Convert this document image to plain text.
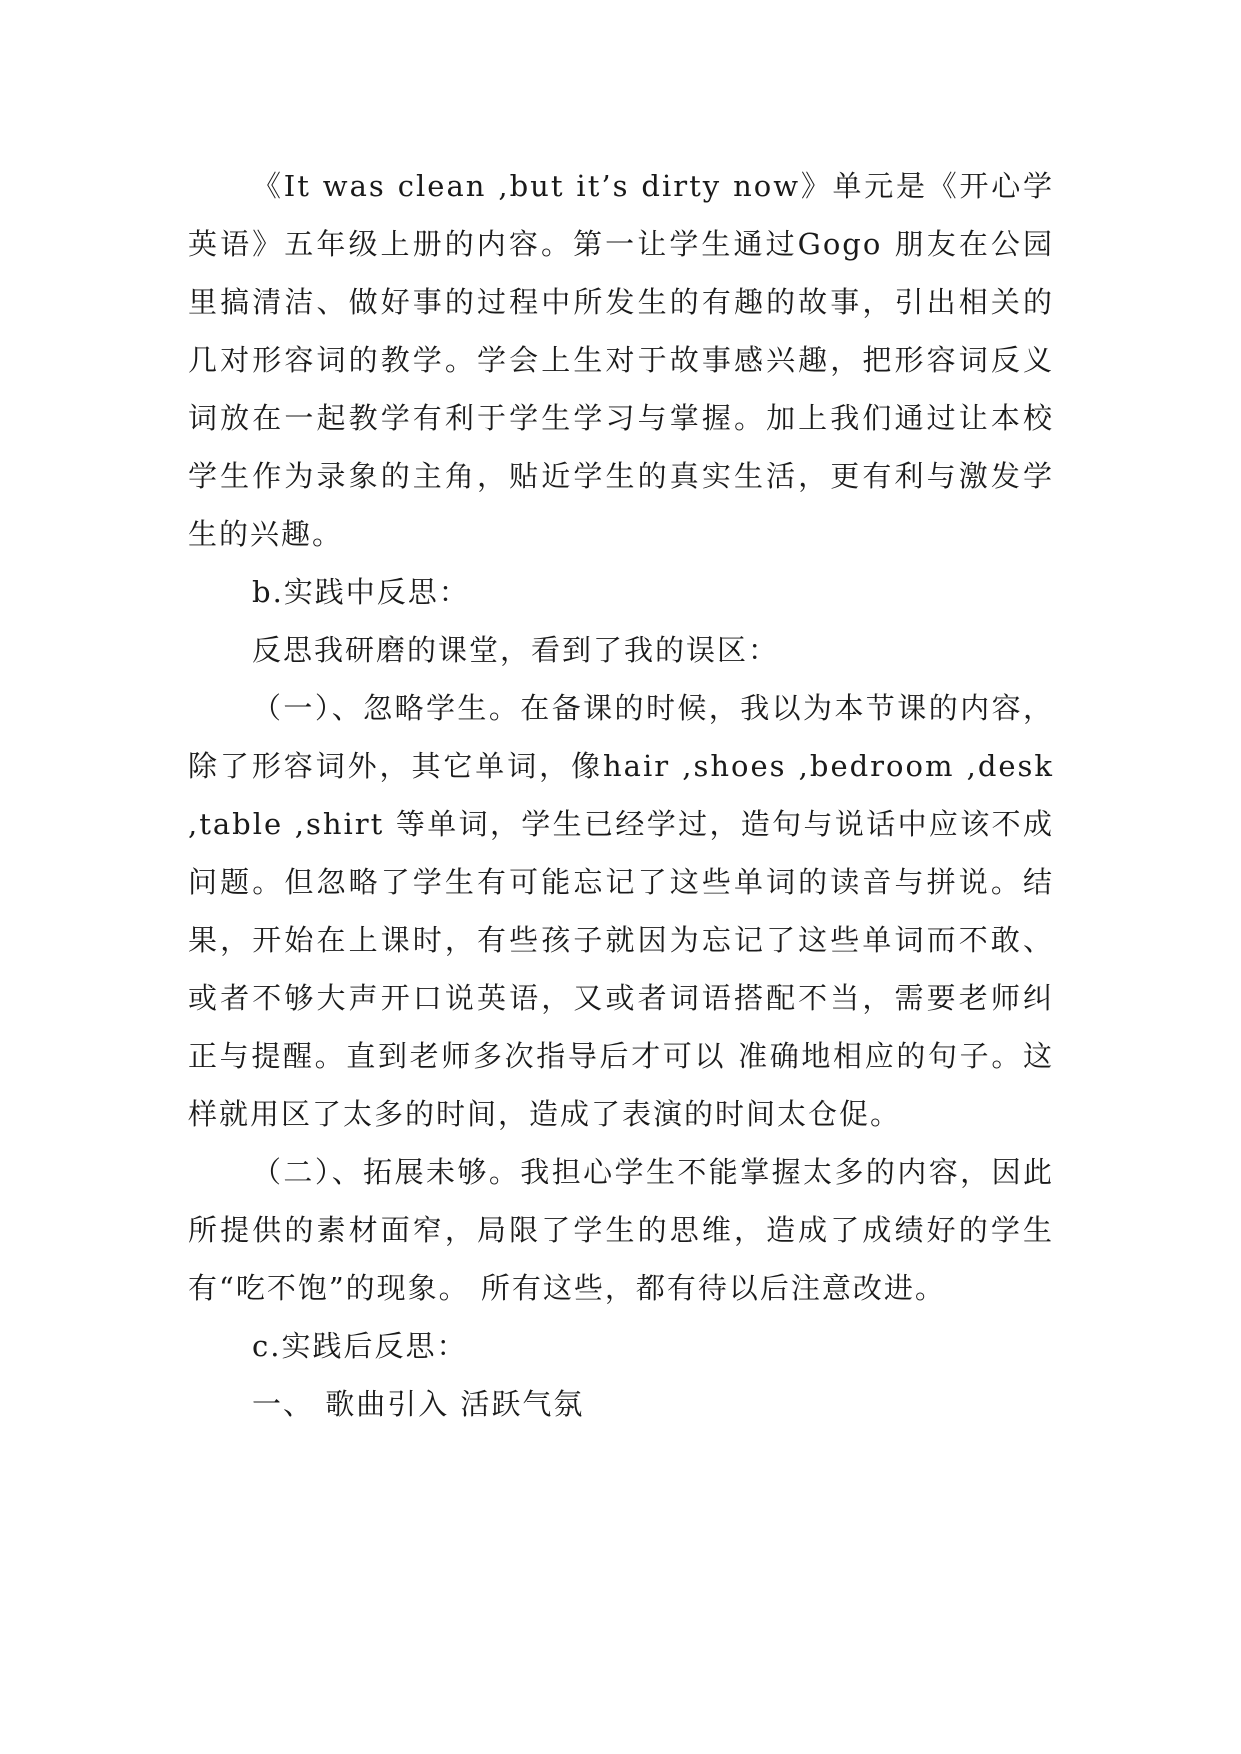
《It was clean ,but it’s dirty now》单元是《开心学英语》五年级上册的内容。第一让学生通过Gogo 朋友在公园里搞清洁、做好事的过程中所发生的有趣的故事，引出相关的几对形容词的教学。学会上生对于故事感兴趣，把形容词反义词放在一起教学有利于学生学习与掌握。加上我们通过让本校学生作为录象的主角，贴近学生的真实生活，更有利与激发学生的兴趣。

b.实践中反思：

反思我研磨的课堂，看到了我的误区：

（一）、忽略学生。在备课的时候，我以为本节课的内容，除了形容词外，其它单词，像hair ,shoes ,bedroom ,desk ,table ,shirt 等单词，学生已经学过，造句与说话中应该不成问题。但忽略了学生有可能忘记了这些单词的读音与拼说。结果，开始在上课时，有些孩子就因为忘记了这些单词而不敢、或者不够大声开口说英语，又或者词语搭配不当，需要老师纠正与提醒。直到老师多次指导后才可以 准确地相应的句子。这样就用区了太多的时间，造成了表演的时间太仓促。

（二）、拓展未够。我担心学生不能掌握太多的内容，因此所提供的素材面窄，局限了学生的思维，造成了成绩好的学生有“吃不饱”的现象。 所有这些，都有待以后注意改进。

c.实践后反思：

一、 歌曲引入 活跃气氛
